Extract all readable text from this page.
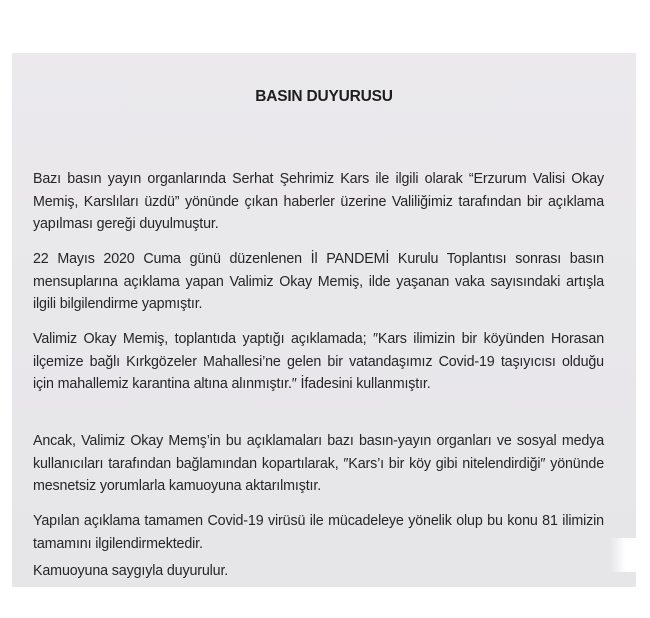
BASIN DUYURUSU

Bazı basın yayın organlarında Serhat Şehrimiz Kars ile ilgili olarak “Erzurum Valisi Okay Memiş, Karslıları üzdü” yönünde çıkan haberler üzerine Valiliğimiz tarafından bir açıklama yapılması gereği duyulmuştur.

22 Mayıs 2020 Cuma günü düzenlenen İl PANDEMİ Kurulu Toplantısı sonrası basın mensuplarına açıklama yapan Valimiz Okay Memiş, ilde yaşanan vaka sayısındaki artışla ilgili bilgilendirme yapmıştır.

Valimiz Okay Memiş, toplantıda yaptığı açıklamada; ″Kars ilimizin bir köyünden Horasan ilçemize bağlı Kırkgözeler Mahallesi’ne gelen bir vatandaşımız Covid-19 taşıyıcısı olduğu için mahallemiz karantina altına alınmıştır.″ İfadesini kullanmıştır.

Ancak, Valimiz Okay Memş’in bu açıklamaları bazı basın-yayın organları ve sosyal medya kullanıcıları tarafından bağlamından kopartılarak, ″Kars’ı bir köy gibi nitelendirdiği″ yönünde mesnetsiz yorumlarla kamuoyuna aktarılmıştır.

Yapılan açıklama tamamen Covid-19 virüsü ile mücadeleye yönelik olup bu konu 81 ilimizin tamamını ilgilendirmektedir.

Kamuoyuna saygıyla duyurulur.
